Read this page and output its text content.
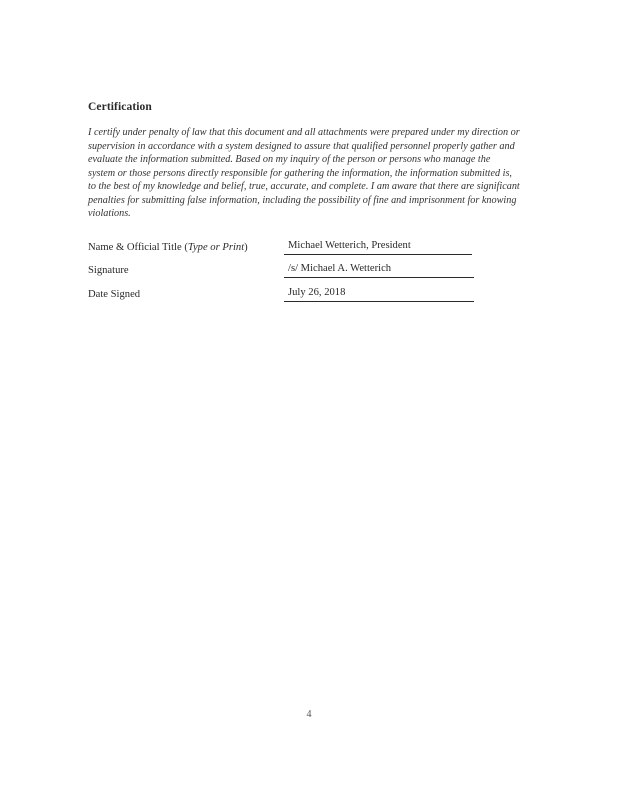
Certification
I certify under penalty of law that this document and all attachments were prepared under my direction or supervision in accordance with a system designed to assure that qualified personnel properly gather and evaluate the information submitted. Based on my inquiry of the person or persons who manage the system or those persons directly responsible for gathering the information, the information submitted is, to the best of my knowledge and belief, true, accurate, and complete. I am aware that there are significant penalties for submitting false information, including the possibility of fine and imprisonment for knowing violations.
Name & Official Title (Type or Print)	Michael Wetterich, President
Signature	/s/ Michael A. Wetterich
Date Signed	July 26, 2018
4
